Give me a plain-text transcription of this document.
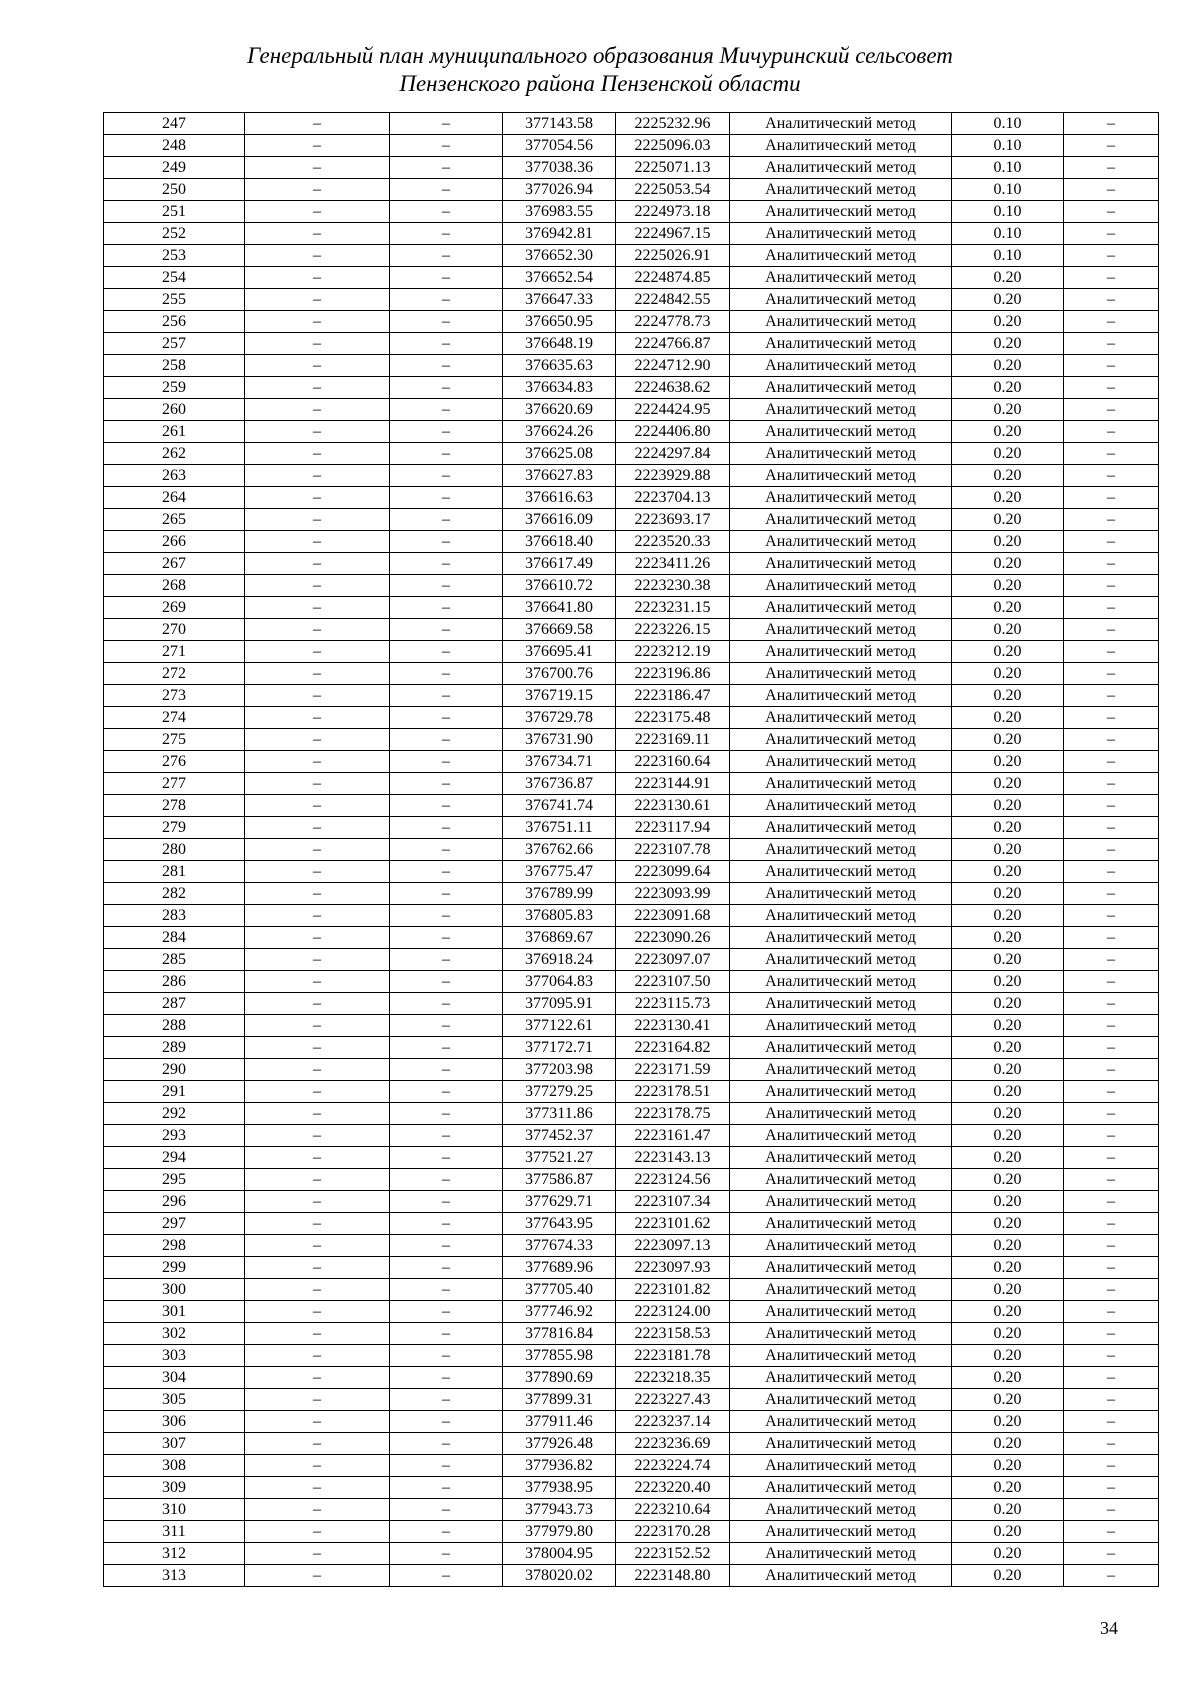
Генеральный план муниципального образования Мичуринский сельсовет
Пензенского района Пензенской области
247	–	–	377143.58	2225232.96	Аналитический метод	0.10	–
248	–	–	377054.56	2225096.03	Аналитический метод	0.10	–
249	–	–	377038.36	2225071.13	Аналитический метод	0.10	–
250	–	–	377026.94	2225053.54	Аналитический метод	0.10	–
251	–	–	376983.55	2224973.18	Аналитический метод	0.10	–
252	–	–	376942.81	2224967.15	Аналитический метод	0.10	–
253	–	–	376652.30	2225026.91	Аналитический метод	0.10	–
254	–	–	376652.54	2224874.85	Аналитический метод	0.20	–
255	–	–	376647.33	2224842.55	Аналитический метод	0.20	–
256	–	–	376650.95	2224778.73	Аналитический метод	0.20	–
257	–	–	376648.19	2224766.87	Аналитический метод	0.20	–
258	–	–	376635.63	2224712.90	Аналитический метод	0.20	–
259	–	–	376634.83	2224638.62	Аналитический метод	0.20	–
260	–	–	376620.69	2224424.95	Аналитический метод	0.20	–
261	–	–	376624.26	2224406.80	Аналитический метод	0.20	–
262	–	–	376625.08	2224297.84	Аналитический метод	0.20	–
263	–	–	376627.83	2223929.88	Аналитический метод	0.20	–
264	–	–	376616.63	2223704.13	Аналитический метод	0.20	–
265	–	–	376616.09	2223693.17	Аналитический метод	0.20	–
266	–	–	376618.40	2223520.33	Аналитический метод	0.20	–
267	–	–	376617.49	2223411.26	Аналитический метод	0.20	–
268	–	–	376610.72	2223230.38	Аналитический метод	0.20	–
269	–	–	376641.80	2223231.15	Аналитический метод	0.20	–
270	–	–	376669.58	2223226.15	Аналитический метод	0.20	–
271	–	–	376695.41	2223212.19	Аналитический метод	0.20	–
272	–	–	376700.76	2223196.86	Аналитический метод	0.20	–
273	–	–	376719.15	2223186.47	Аналитический метод	0.20	–
274	–	–	376729.78	2223175.48	Аналитический метод	0.20	–
275	–	–	376731.90	2223169.11	Аналитический метод	0.20	–
276	–	–	376734.71	2223160.64	Аналитический метод	0.20	–
277	–	–	376736.87	2223144.91	Аналитический метод	0.20	–
278	–	–	376741.74	2223130.61	Аналитический метод	0.20	–
279	–	–	376751.11	2223117.94	Аналитический метод	0.20	–
280	–	–	376762.66	2223107.78	Аналитический метод	0.20	–
281	–	–	376775.47	2223099.64	Аналитический метод	0.20	–
282	–	–	376789.99	2223093.99	Аналитический метод	0.20	–
283	–	–	376805.83	2223091.68	Аналитический метод	0.20	–
284	–	–	376869.67	2223090.26	Аналитический метод	0.20	–
285	–	–	376918.24	2223097.07	Аналитический метод	0.20	–
286	–	–	377064.83	2223107.50	Аналитический метод	0.20	–
287	–	–	377095.91	2223115.73	Аналитический метод	0.20	–
288	–	–	377122.61	2223130.41	Аналитический метод	0.20	–
289	–	–	377172.71	2223164.82	Аналитический метод	0.20	–
290	–	–	377203.98	2223171.59	Аналитический метод	0.20	–
291	–	–	377279.25	2223178.51	Аналитический метод	0.20	–
292	–	–	377311.86	2223178.75	Аналитический метод	0.20	–
293	–	–	377452.37	2223161.47	Аналитический метод	0.20	–
294	–	–	377521.27	2223143.13	Аналитический метод	0.20	–
295	–	–	377586.87	2223124.56	Аналитический метод	0.20	–
296	–	–	377629.71	2223107.34	Аналитический метод	0.20	–
297	–	–	377643.95	2223101.62	Аналитический метод	0.20	–
298	–	–	377674.33	2223097.13	Аналитический метод	0.20	–
299	–	–	377689.96	2223097.93	Аналитический метод	0.20	–
300	–	–	377705.40	2223101.82	Аналитический метод	0.20	–
301	–	–	377746.92	2223124.00	Аналитический метод	0.20	–
302	–	–	377816.84	2223158.53	Аналитический метод	0.20	–
303	–	–	377855.98	2223181.78	Аналитический метод	0.20	–
304	–	–	377890.69	2223218.35	Аналитический метод	0.20	–
305	–	–	377899.31	2223227.43	Аналитический метод	0.20	–
306	–	–	377911.46	2223237.14	Аналитический метод	0.20	–
307	–	–	377926.48	2223236.69	Аналитический метод	0.20	–
308	–	–	377936.82	2223224.74	Аналитический метод	0.20	–
309	–	–	377938.95	2223220.40	Аналитический метод	0.20	–
310	–	–	377943.73	2223210.64	Аналитический метод	0.20	–
311	–	–	377979.80	2223170.28	Аналитический метод	0.20	–
312	–	–	378004.95	2223152.52	Аналитический метод	0.20	–
313	–	–	378020.02	2223148.80	Аналитический метод	0.20	–
34
